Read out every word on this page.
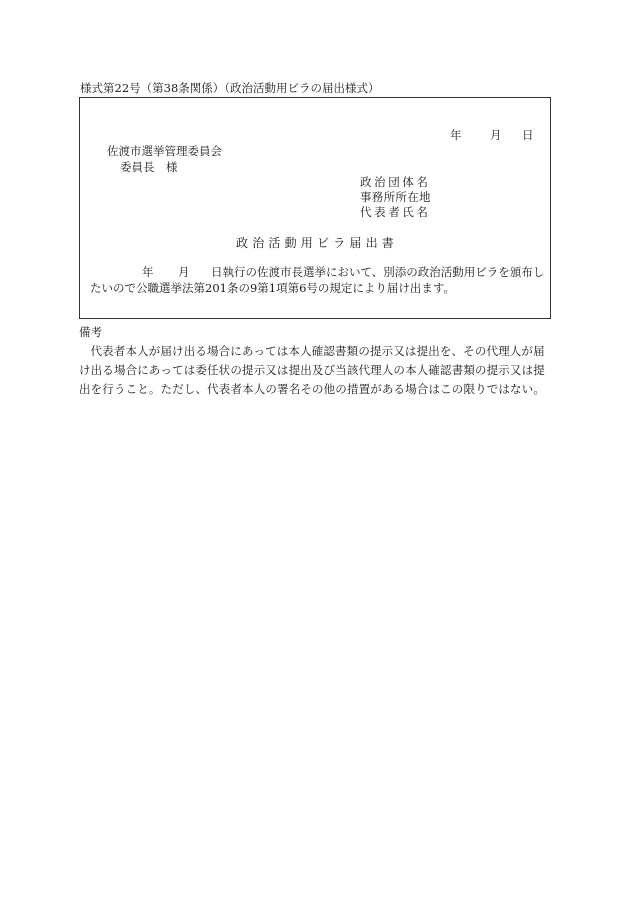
様式第22号（第38条関係）（政治活動用ビラの届出様式）
年 月 日
佐渡市選挙管理委員会
委員長　様
政治団体名
事務所所在地
代表者氏名
政治活動用ビラ届出書
年 月 日執行の佐渡市長選挙において、別添の政治活動用ビラを頒布したいので公職選挙法第201条の9第1項第6号の規定により届け出ます。
備考
代表者本人が届け出る場合にあっては本人確認書類の提示又は提出を、その代理人が届け出る場合にあっては委任状の提示又は提出及び当該代理人の本人確認書類の提示又は提出を行うこと。ただし、代表者本人の署名その他の措置がある場合はこの限りではない。
